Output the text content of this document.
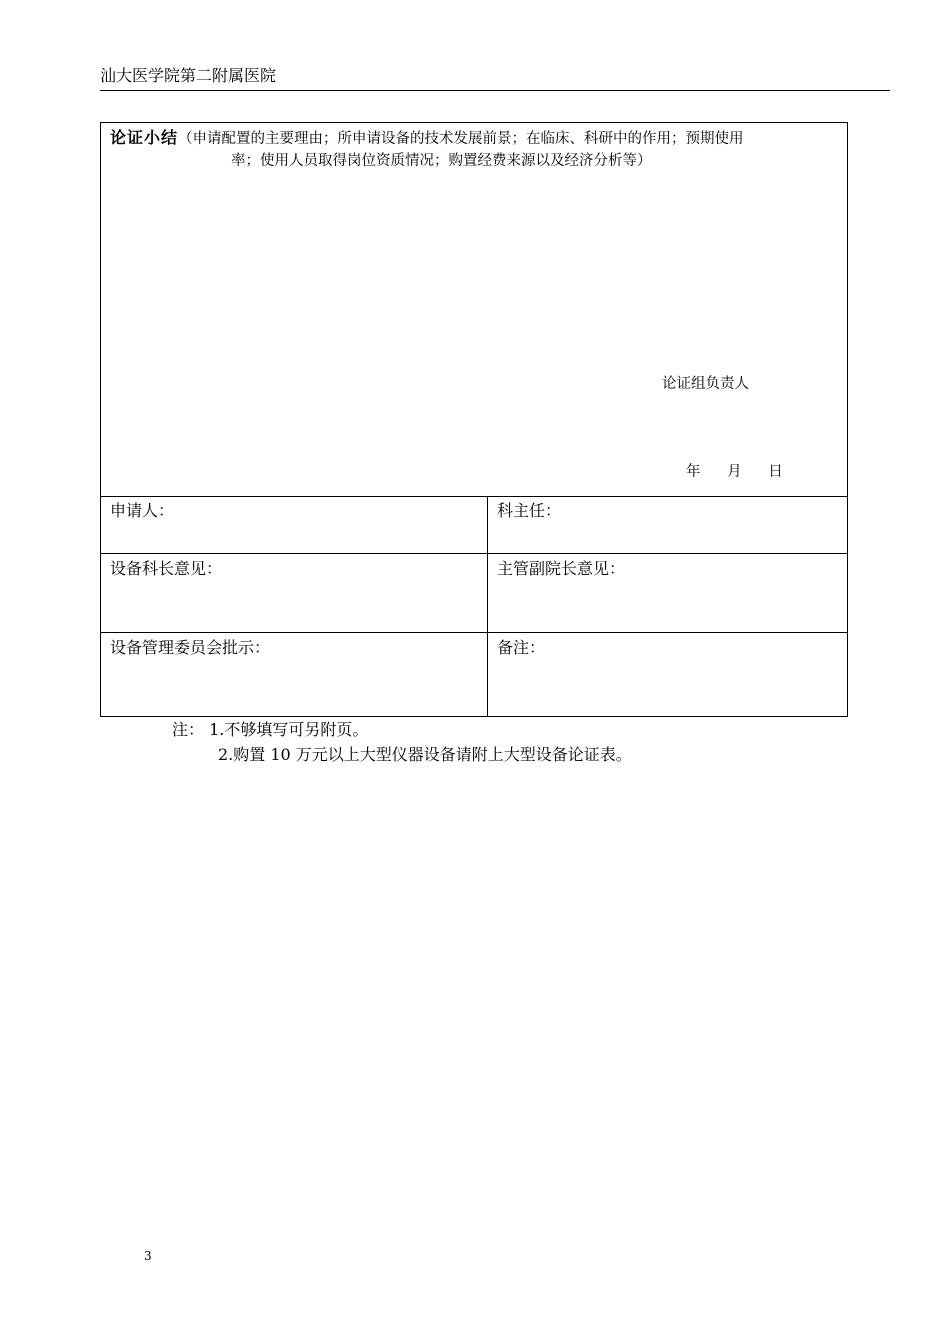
汕大医学院第二附属医院
论证小结（申请配置的主要理由；所申请设备的技术发展前景；在临床、科研中的作用；预期使用
率；使用人员取得岗位资质情况；购置经费来源以及经济分析等）
论证组负责人
年 月 日
申请人：	科主任：
设备科长意见：	主管副院长意见：
设备管理委员会批示：	备注：
注： 1.不够填写可另附页。
2.购置 10 万元以上大型仪器设备请附上大型设备论证表。
3
